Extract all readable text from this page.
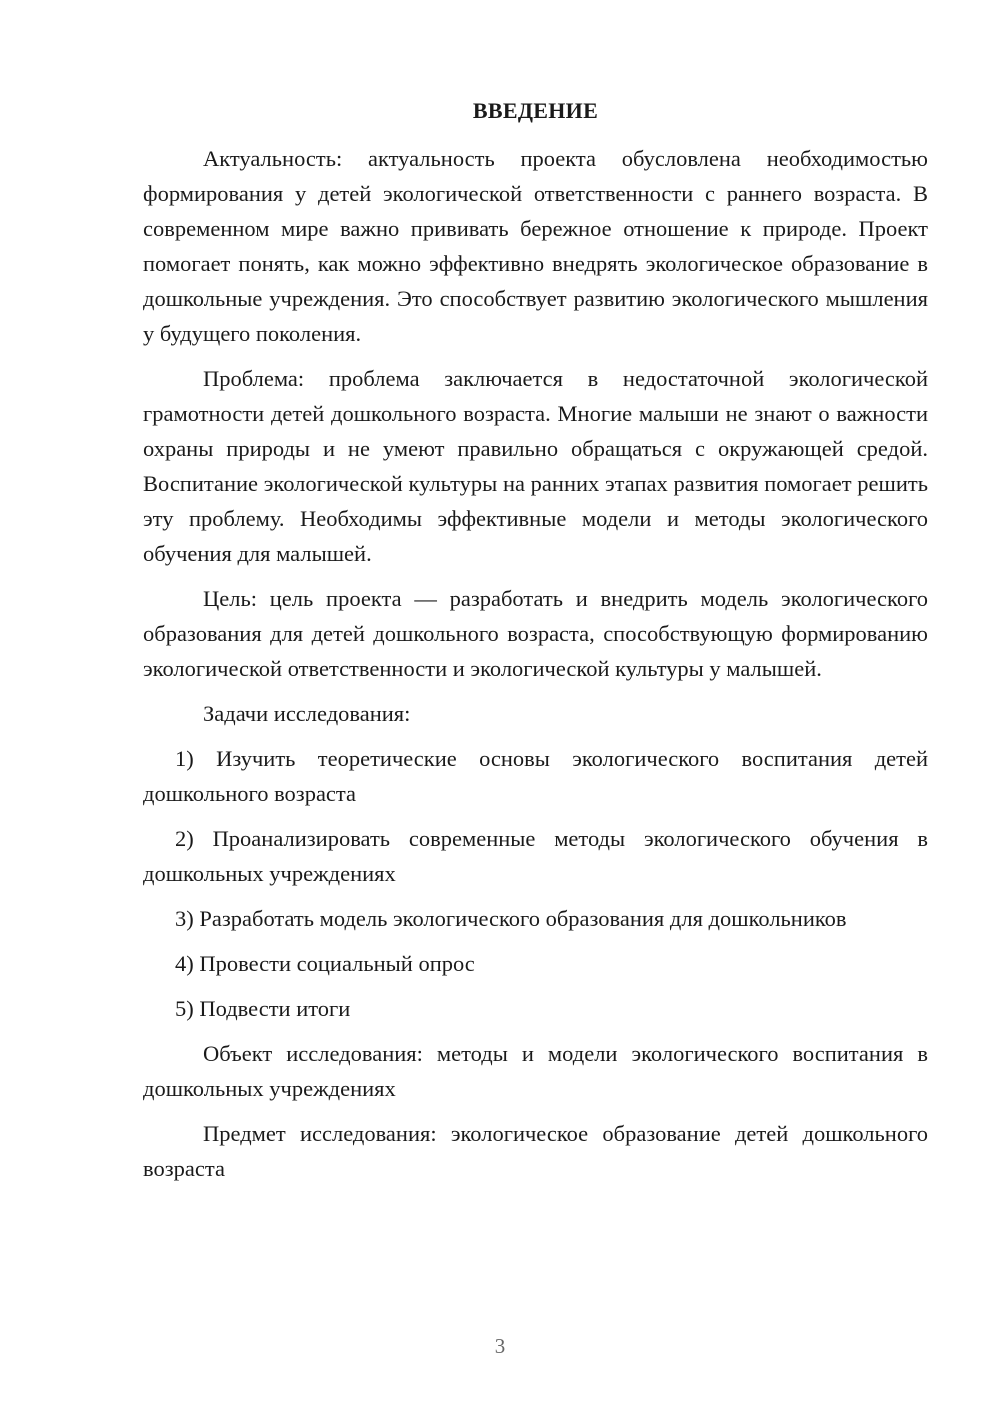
ВВЕДЕНИЕ

Актуальность: актуальность проекта обусловлена необходимостью формирования у детей экологической ответственности с раннего возраста. В современном мире важно прививать бережное отношение к природе. Проект помогает понять, как можно эффективно внедрять экологическое образование в дошкольные учреждения. Это способствует развитию экологического мышления у будущего поколения.

Проблема: проблема заключается в недостаточной экологической грамотности детей дошкольного возраста. Многие малыши не знают о важности охраны природы и не умеют правильно обращаться с окружающей средой. Воспитание экологической культуры на ранних этапах развития помогает решить эту проблему. Необходимы эффективные модели и методы экологического обучения для малышей.

Цель: цель проекта — разработать и внедрить модель экологического образования для детей дошкольного возраста, способствующую формированию экологической ответственности и экологической культуры у малышей.

Задачи исследования:

1) Изучить теоретические основы экологического воспитания детей дошкольного возраста

2) Проанализировать современные методы экологического обучения в дошкольных учреждениях

3) Разработать модель экологического образования для дошкольников

4) Провести социальный опрос

5) Подвести итоги

Объект исследования: методы и модели экологического воспитания в дошкольных учреждениях

Предмет исследования: экологическое образование детей дошкольного возраста

3
